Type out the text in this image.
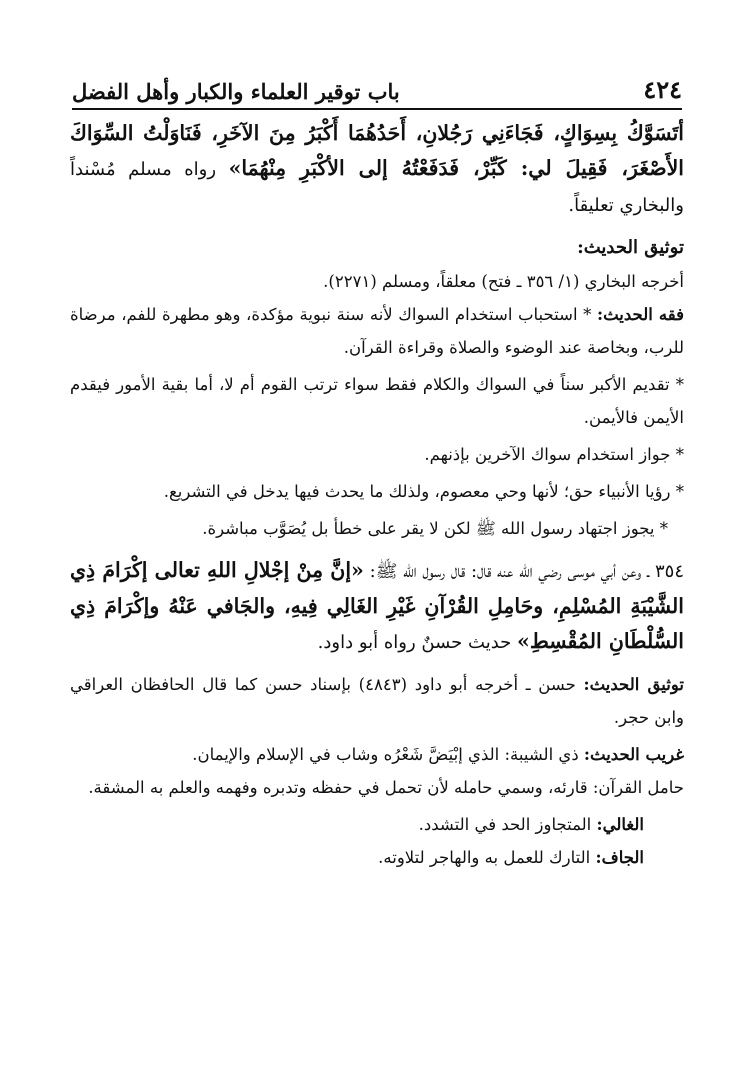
٤٢٤
باب توقير العلماء والكبار وأهل الفضل

أتَسَوَّكُ بِسِوَاكٍ، فَجَاءَنِي رَجُلانِ، أَحَدُهُمَا أَكْبَرُ مِنَ الآخَرِ، فَنَاوَلْتُ السِّوَاكَ الأَصْغَرَ، فَقِيلَ لي: كَبِّرْ، فَدَفَعْتُهُ إلى الأكْبَرِ مِنْهُمَا» رواه مسلم مُسْنداً والبخاري تعليقاً.

توثيق الحديث:

أخرجه البخاري (١/ ٣٥٦ ـ فتح) معلقاً، ومسلم (٢٢٧١).

فقه الحديث: * استحباب استخدام السواك لأنه سنة نبوية مؤكدة، وهو مطهرة للفم، مرضاة للرب، وبخاصة عند الوضوء والصلاة وقراءة القرآن.

* تقديم الأكبر سناً في السواك والكلام فقط سواء ترتب القوم أم لا، أما بقية الأمور فيقدم الأيمن فالأيمن.

* جواز استخدام سواك الآخرين بإذنهم.

* رؤيا الأنبياء حق؛ لأنها وحي معصوم، ولذلك ما يحدث فيها يدخل في التشريع.

* يجوز اجتهاد رسول الله ﷺ لكن لا يقر على خطأ بل يُصَوَّب مباشرة.

٣٥٤ ـ وعن أبي موسى رضي الله عنه قال: قال رسول الله ﷺ: «إنَّ مِنْ إجْلالِ اللهِ تعالى إكْرَامَ ذِي الشَّيْبَةِ المُسْلِمِ، وحَامِلِ القُرْآنِ غَيْرِ الغَالِي فِيهِ، والجَافي عَنْهُ وإكْرَامَ ذِي السُّلْطَانِ المُقْسِطِ» حديث حسنٌ رواه أبو داود.

توثيق الحديث: حسن ـ أخرجه أبو داود (٤٨٤٣) بإسناد حسن كما قال الحافظان العراقي وابن حجر.

غريب الحديث: ذي الشيبة: الذي إبْيَضَّ شَعْرُه وشاب في الإسلام والإيمان.

حامل القرآن: قارئه، وسمي حامله لأن تحمل في حفظه وتدبره وفهمه والعلم به المشقة.

الغالي: المتجاوز الحد في التشدد.

الجاف: التارك للعمل به والهاجر لتلاوته.
